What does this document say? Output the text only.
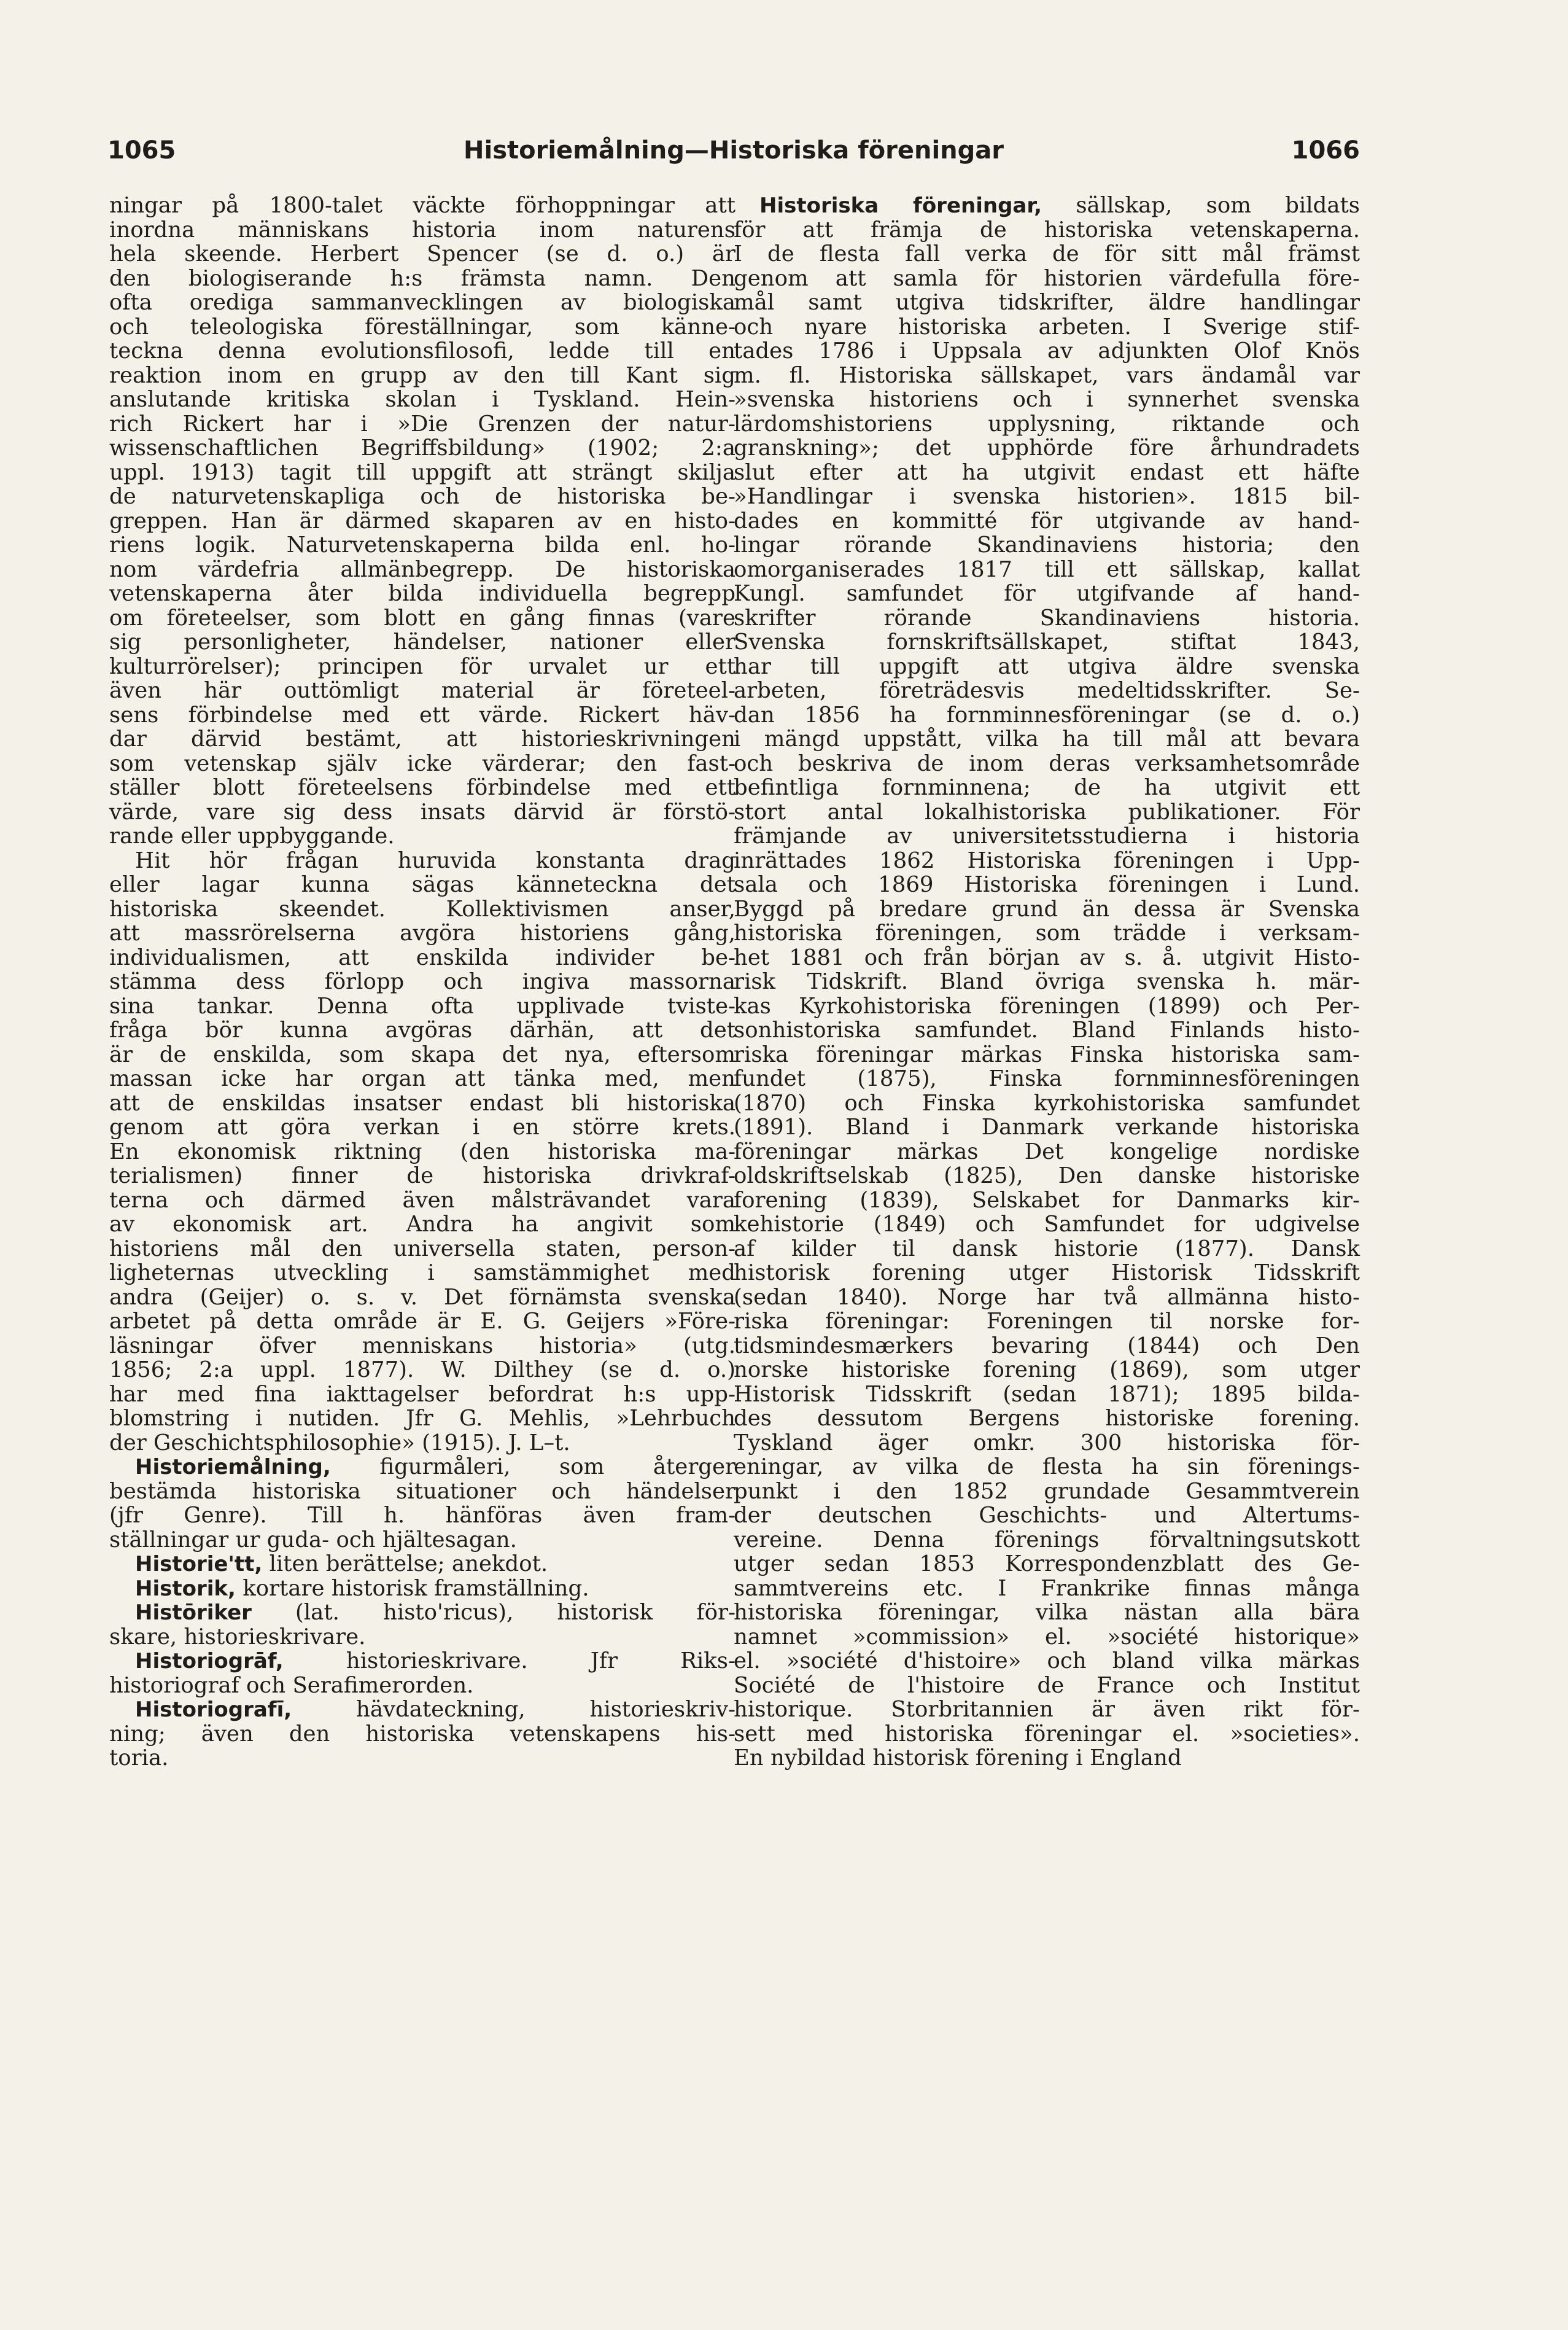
1065	Historiemålning—Historiska föreningar	1066
ningar på 1800-talet väckte förhoppningar att
inordna människans historia inom naturens
hela skeende. Herbert Spencer (se d. o.) är
den biologiserande h:s främsta namn. Den
ofta orediga sammanvecklingen av biologiska
och teleologiska föreställningar, som känne-
teckna denna evolutionsfilosofi, ledde till en
reaktion inom en grupp av den till Kant sig
anslutande kritiska skolan i Tyskland. Hein-
rich Rickert har i »Die Grenzen der natur-
wissenschaftlichen Begriffsbildung» (1902; 2:a
uppl. 1913) tagit till uppgift att strängt skilja
de naturvetenskapliga och de historiska be-
greppen. Han är därmed skaparen av en histo-
riens logik. Naturvetenskaperna bilda enl. ho-
nom värdefria allmänbegrepp. De historiska
vetenskaperna åter bilda individuella begrepp
om företeelser, som blott en gång finnas (vare
sig personligheter, händelser, nationer eller
kulturrörelser); principen för urvalet ur ett
även här outtömligt material är företeel-
sens förbindelse med ett värde. Rickert häv-
dar därvid bestämt, att historieskrivningen
som vetenskap själv icke värderar; den fast-
ställer blott företeelsens förbindelse med ett
värde, vare sig dess insats därvid är förstö-
rande eller uppbyggande.
Hit hör frågan huruvida konstanta drag
eller lagar kunna sägas känneteckna det
historiska skeendet. Kollektivismen anser,
att massrörelserna avgöra historiens gång,
individualismen, att enskilda individer be-
stämma dess förlopp och ingiva massorna
sina tankar. Denna ofta upplivade tviste-
fråga bör kunna avgöras därhän, att det
är de enskilda, som skapa det nya, eftersom
massan icke har organ att tänka med, men
att de enskildas insatser endast bli historiska
genom att göra verkan i en större krets.
En ekonomisk riktning (den historiska ma-
terialismen) finner de historiska drivkraf-
terna och därmed även målsträvandet vara
av ekonomisk art. Andra ha angivit som
historiens mål den universella staten, person-
ligheternas utveckling i samstämmighet med
andra (Geijer) o. s. v. Det förnämsta svenska
arbetet på detta område är E. G. Geijers »Före-
läsningar öfver menniskans historia» (utg.
1856; 2:a uppl. 1877). W. Dilthey (se d. o.)
har med fina iakttagelser befordrat h:s upp-
blomstring i nutiden. Jfr G. Mehlis, »Lehrbuch
der Geschichtsphilosophie» (1915). J. L–t.
Historiemålning, figurmåleri, som återger
bestämda historiska situationer och händelser
(jfr Genre). Till h. hänföras även fram-
ställningar ur guda- och hjältesagan.
Historie'tt, liten berättelse; anekdot.
Historik, kortare historisk framställning.
Histōriker (lat. histo'ricus), historisk för-
skare, historieskrivare.
Historiogrāf, historieskrivare. Jfr Riks-
historiograf och Serafimerorden.
Historiografī, hävdateckning, historieskriv-
ning; även den historiska vetenskapens his-
toria.
Historiska föreningar, sällskap, som bildats
för att främja de historiska vetenskaperna.
I de flesta fall verka de för sitt mål främst
genom att samla för historien värdefulla före-
mål samt utgiva tidskrifter, äldre handlingar
och nyare historiska arbeten. I Sverige stif-
tades 1786 i Uppsala av adjunkten Olof Knös
m. fl. Historiska sällskapet, vars ändamål var
»svenska historiens och i synnerhet svenska
lärdomshistoriens upplysning, riktande och
granskning»; det upphörde före århundradets
slut efter att ha utgivit endast ett häfte
»Handlingar i svenska historien». 1815 bil-
dades en kommitté för utgivande av hand-
lingar rörande Skandinaviens historia; den
omorganiserades 1817 till ett sällskap, kallat
Kungl. samfundet för utgifvande af hand-
skrifter rörande Skandinaviens historia.
Svenska fornskriftsällskapet, stiftat 1843,
har till uppgift att utgiva äldre svenska
arbeten, företrädesvis medeltidsskrifter. Se-
dan 1856 ha fornminnesföreningar (se d. o.)
i mängd uppstått, vilka ha till mål att bevara
och beskriva de inom deras verksamhetsområde
befintliga fornminnena; de ha utgivit ett
stort antal lokalhistoriska publikationer. För
främjande av universitetsstudierna i historia
inrättades 1862 Historiska föreningen i Upp-
sala och 1869 Historiska föreningen i Lund.
Byggd på bredare grund än dessa är Svenska
historiska föreningen, som trädde i verksam-
het 1881 och från början av s. å. utgivit Histo-
risk Tidskrift. Bland övriga svenska h. mär-
kas Kyrkohistoriska föreningen (1899) och Per-
sonhistoriska samfundet. Bland Finlands histo-
riska föreningar märkas Finska historiska sam-
fundet (1875), Finska fornminnesföreningen
(1870) och Finska kyrkohistoriska samfundet
(1891). Bland i Danmark verkande historiska
föreningar märkas Det kongelige nordiske
oldskriftselskab (1825), Den danske historiske
forening (1839), Selskabet for Danmarks kir-
kehistorie (1849) och Samfundet for udgivelse
af kilder til dansk historie (1877). Dansk
historisk forening utger Historisk Tidsskrift
(sedan 1840). Norge har två allmänna histo-
riska föreningar: Foreningen til norske for-
tidsmindesmærkers bevaring (1844) och Den
norske historiske forening (1869), som utger
Historisk Tidsskrift (sedan 1871); 1895 bilda-
des dessutom Bergens historiske forening.
Tyskland äger omkr. 300 historiska för-
eningar, av vilka de flesta ha sin förenings-
punkt i den 1852 grundade Gesammtverein
der deutschen Geschichts- und Altertums-
vereine. Denna förenings förvaltningsutskott
utger sedan 1853 Korrespondenzblatt des Ge-
sammtvereins etc. I Frankrike finnas många
historiska föreningar, vilka nästan alla bära
namnet »commission» el. »société historique»
el. »société d'histoire» och bland vilka märkas
Société de l'histoire de France och Institut
historique. Storbritannien är även rikt för-
sett med historiska föreningar el. »societies».
En nybildad historisk förening i England
